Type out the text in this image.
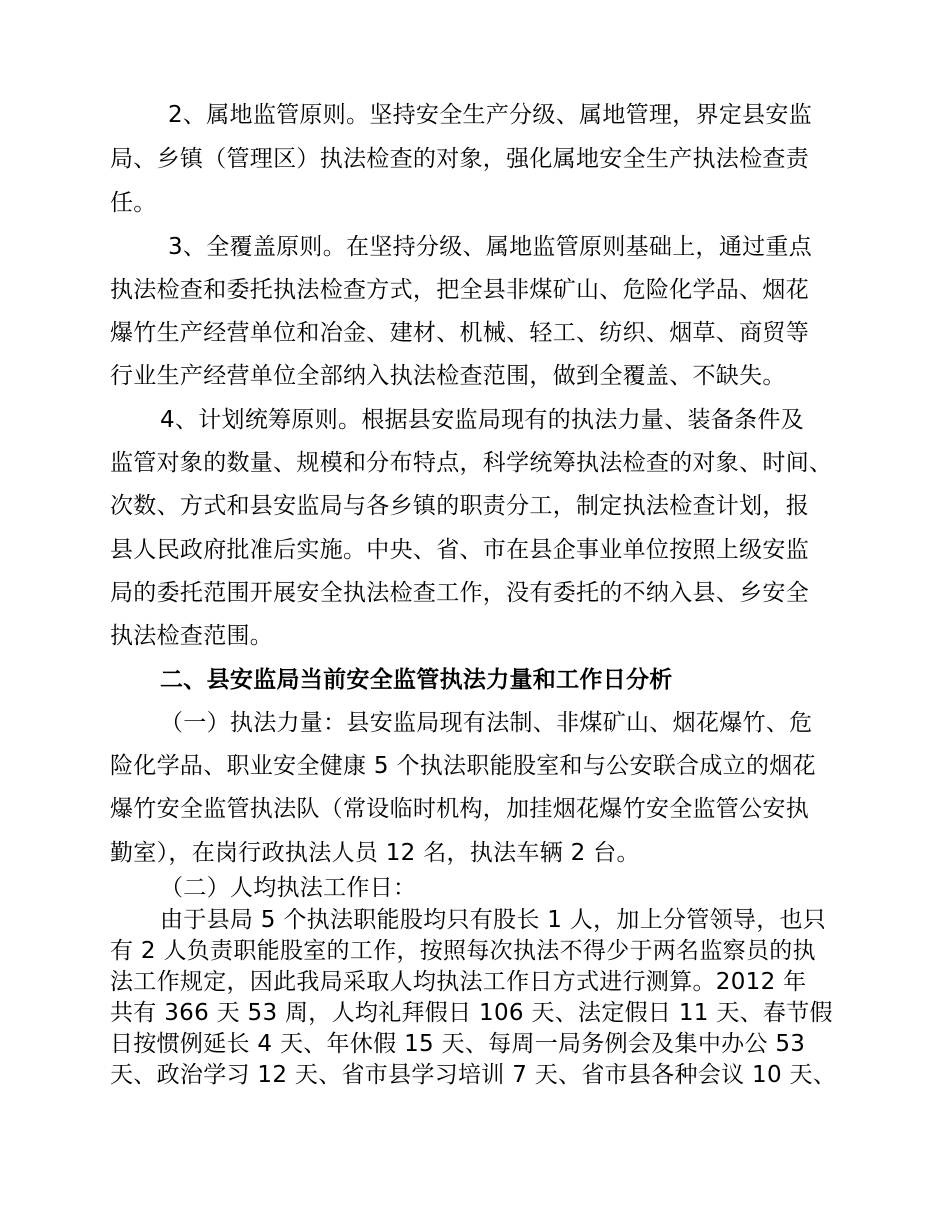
2、属地监管原则。坚持安全生产分级、属地管理，界定县安监
局、乡镇（管理区）执法检查的对象，强化属地安全生产执法检查责
任。
3、全覆盖原则。在坚持分级、属地监管原则基础上，通过重点
执法检查和委托执法检查方式，把全县非煤矿山、危险化学品、烟花
爆竹生产经营单位和冶金、建材、机械、轻工、纺织、烟草、商贸等
行业生产经营单位全部纳入执法检查范围，做到全覆盖、不缺失。
4、计划统筹原则。根据县安监局现有的执法力量、装备条件及
监管对象的数量、规模和分布特点，科学统筹执法检查的对象、时间、
次数、方式和县安监局与各乡镇的职责分工，制定执法检查计划，报
县人民政府批准后实施。中央、省、市在县企事业单位按照上级安监
局的委托范围开展安全执法检查工作，没有委托的不纳入县、乡安全
执法检查范围。
二、县安监局当前安全监管执法力量和工作日分析
（一）执法力量：县安监局现有法制、非煤矿山、烟花爆竹、危
险化学品、职业安全健康 5 个执法职能股室和与公安联合成立的烟花
爆竹安全监管执法队（常设临时机构，加挂烟花爆竹安全监管公安执
勤室），在岗行政执法人员 12 名，执法车辆 2 台。
（二）人均执法工作日：
由于县局 5 个执法职能股均只有股长 1 人，加上分管领导，也只
有 2 人负责职能股室的工作，按照每次执法不得少于两名监察员的执
法工作规定，因此我局采取人均执法工作日方式进行测算。2012 年
共有 366 天 53 周，人均礼拜假日 106 天、法定假日 11 天、春节假
日按惯例延长 4 天、年休假 15 天、每周一局务例会及集中办公 53
天、政治学习 12 天、省市县学习培训 7 天、省市县各种会议 10 天、
